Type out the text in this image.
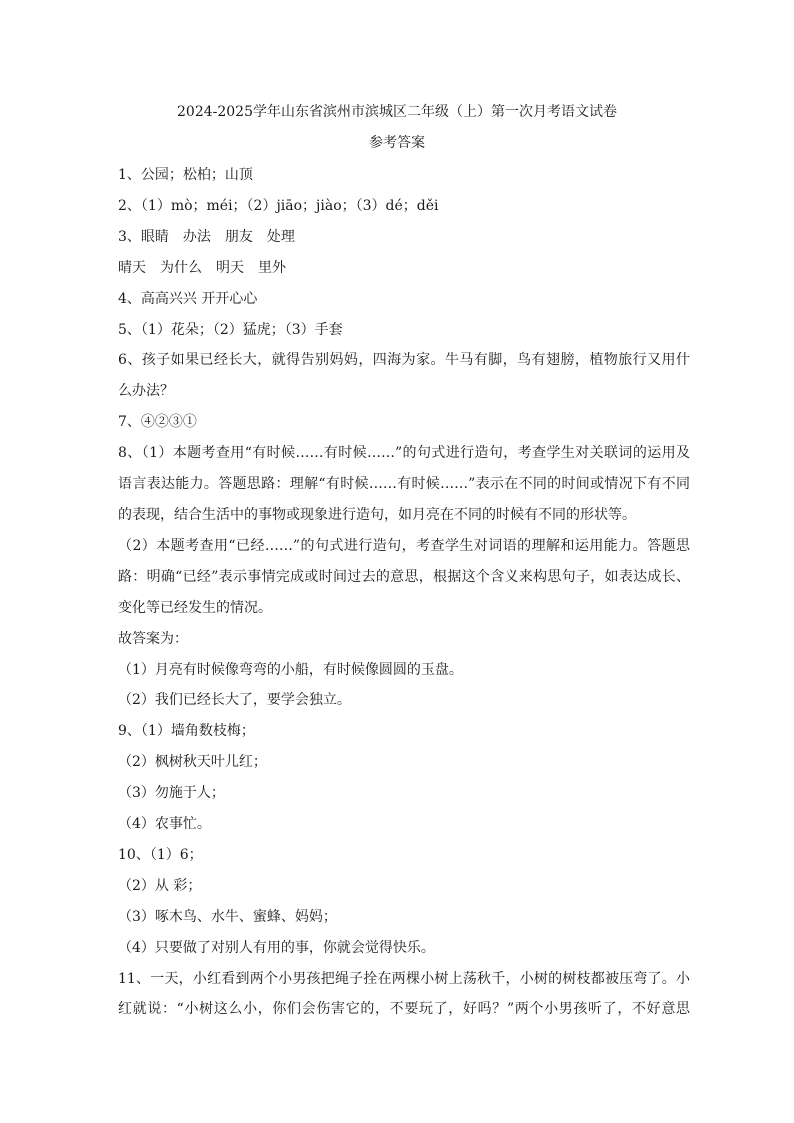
2024-2025学年山东省滨州市滨城区二年级（上）第一次月考语文试卷
参考答案
1、公园；松柏；山顶
2、（1）mò；méi；（2）jiāo；jiào；（3）dé；děi
3、眼睛　办法　朋友　处理
晴天　为什么　明天　里外
4、高高兴兴 开开心心
5、（1）花朵；（2）猛虎；（3）手套
6、孩子如果已经长大，就得告别妈妈，四海为家。牛马有脚，鸟有翅膀，植物旅行又用什
么办法？
7、④②③①
8、（1）本题考查用“有时候……有时候……”的句式进行造句，考查学生对关联词的运用及
语言表达能力。答题思路：理解“有时候……有时候……”表示在不同的时间或情况下有不同
的表现，结合生活中的事物或现象进行造句，如月亮在不同的时候有不同的形状等。
（2）本题考查用“已经……”的句式进行造句，考查学生对词语的理解和运用能力。答题思
路：明确“已经”表示事情完成或时间过去的意思，根据这个含义来构思句子，如表达成长、
变化等已经发生的情况。
故答案为：
（1）月亮有时候像弯弯的小船，有时候像圆圆的玉盘。
（2）我们已经长大了，要学会独立。
9、（1）墙角数枝梅；
（2）枫树秋天叶儿红；
（3）勿施于人；
（4）农事忙。
10、（1）6；
（2）从 彩；
（3）啄木鸟、水牛、蜜蜂、妈妈；
（4）只要做了对别人有用的事，你就会觉得快乐。
11、一天，小红看到两个小男孩把绳子拴在两棵小树上荡秋千，小树的树枝都被压弯了。小
红就说：“小树这么小，你们会伤害它的，不要玩了，好吗？”两个小男孩听了，不好意思
